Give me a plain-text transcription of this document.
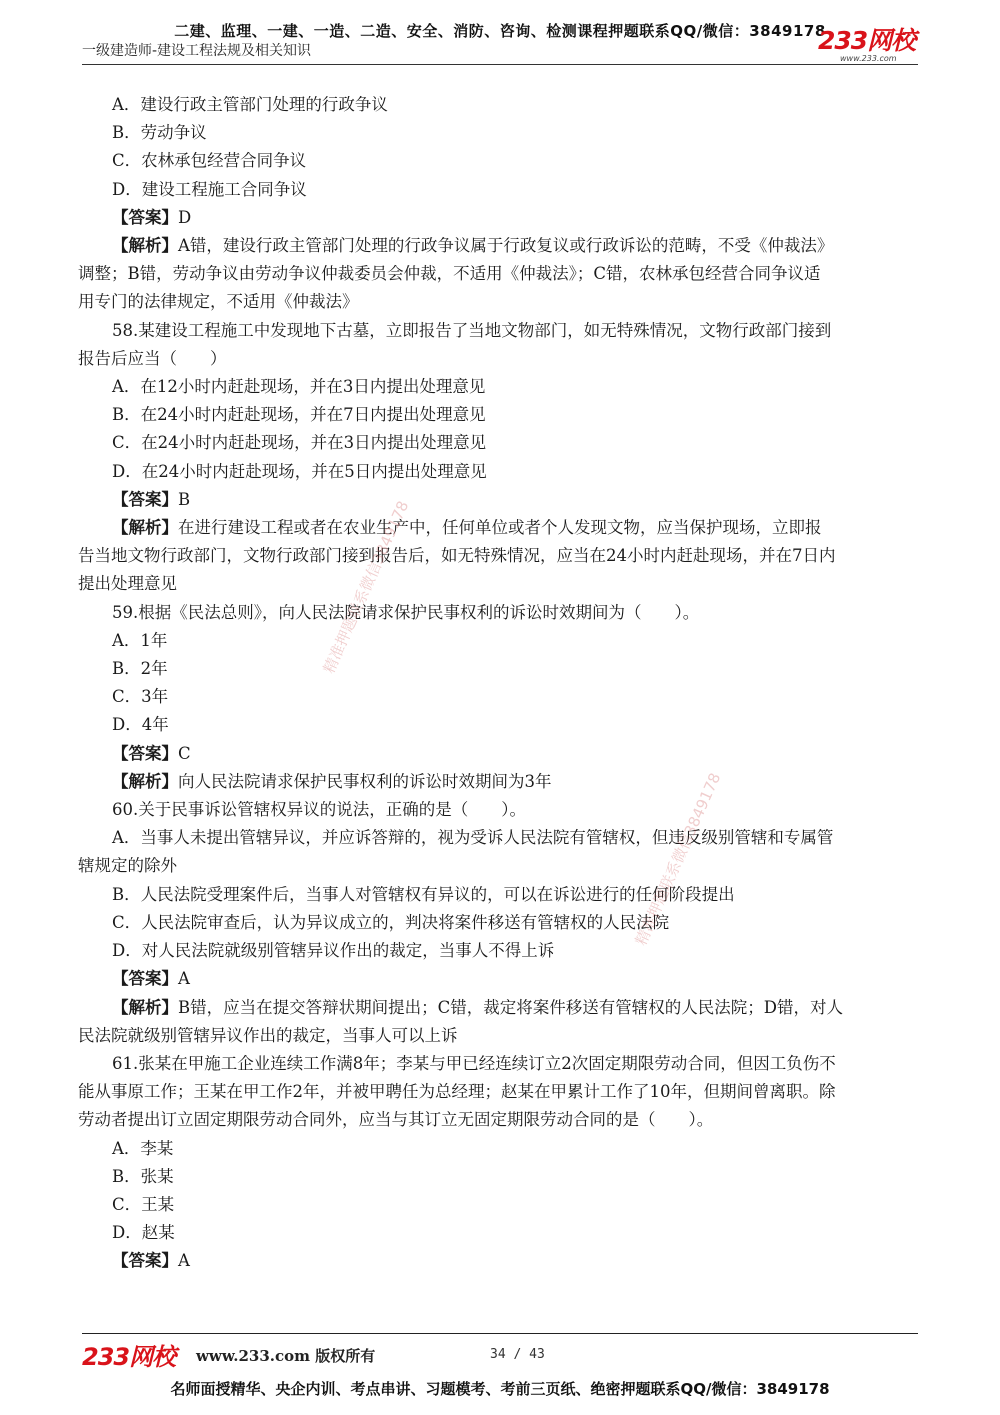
二建、监理、一建、一造、二造、安全、消防、咨询、检测课程押题联系QQ/微信：3849178
一级建造师-建设工程法规及相关知识	233网校
www.233.com
A．建设行政主管部门处理的行政争议
B．劳动争议
C．农林承包经营合同争议
D．建设工程施工合同争议
【答案】D
【解析】A错，建设行政主管部门处理的行政争议属于行政复议或行政诉讼的范畴，不受《仲裁法》
调整；B错，劳动争议由劳动争议仲裁委员会仲裁，不适用《仲裁法》；C错，农林承包经营合同争议适
用专门的法律规定，不适用《仲裁法》
58.某建设工程施工中发现地下古墓，立即报告了当地文物部门，如无特殊情况，文物行政部门接到
报告后应当（　　）
A．在12小时内赶赴现场，并在3日内提出处理意见
B．在24小时内赶赴现场，并在7日内提出处理意见
C．在24小时内赶赴现场，并在3日内提出处理意见
D．在24小时内赶赴现场，并在5日内提出处理意见
【答案】B
【解析】在进行建设工程或者在农业生产中，任何单位或者个人发现文物，应当保护现场，立即报
告当地文物行政部门，文物行政部门接到报告后，如无特殊情况，应当在24小时内赶赴现场，并在7日内
提出处理意见
59.根据《民法总则》，向人民法院请求保护民事权利的诉讼时效期间为（　　）。
A．1年
B．2年
C．3年
D．4年
【答案】C
【解析】向人民法院请求保护民事权利的诉讼时效期间为3年
60.关于民事诉讼管辖权异议的说法，正确的是（　　）。
A．当事人未提出管辖异议，并应诉答辩的，视为受诉人民法院有管辖权，但违反级别管辖和专属管
辖规定的除外
B．人民法院受理案件后，当事人对管辖权有异议的，可以在诉讼进行的任何阶段提出
C．人民法院审查后，认为异议成立的，判决将案件移送有管辖权的人民法院
D．对人民法院就级别管辖异议作出的裁定，当事人不得上诉
【答案】A
【解析】B错，应当在提交答辩状期间提出；C错，裁定将案件移送有管辖权的人民法院；D错，对人
民法院就级别管辖异议作出的裁定，当事人可以上诉
61.张某在甲施工企业连续工作满8年；李某与甲已经连续订立2次固定期限劳动合同，但因工负伤不
能从事原工作；王某在甲工作2年，并被甲聘任为总经理；赵某在甲累计工作了10年，但期间曾离职。除
劳动者提出订立固定期限劳动合同外，应当与其订立无固定期限劳动合同的是（　　）。
A．李某
B．张某
C．王某
D．赵某
【答案】A
精准押题联系微信3849178
精准押题联系微信3849178
233网校 www.233.com 版权所有	34 / 43
名师面授精华、央企内训、考点串讲、习题模考、考前三页纸、绝密押题联系QQ/微信：3849178
